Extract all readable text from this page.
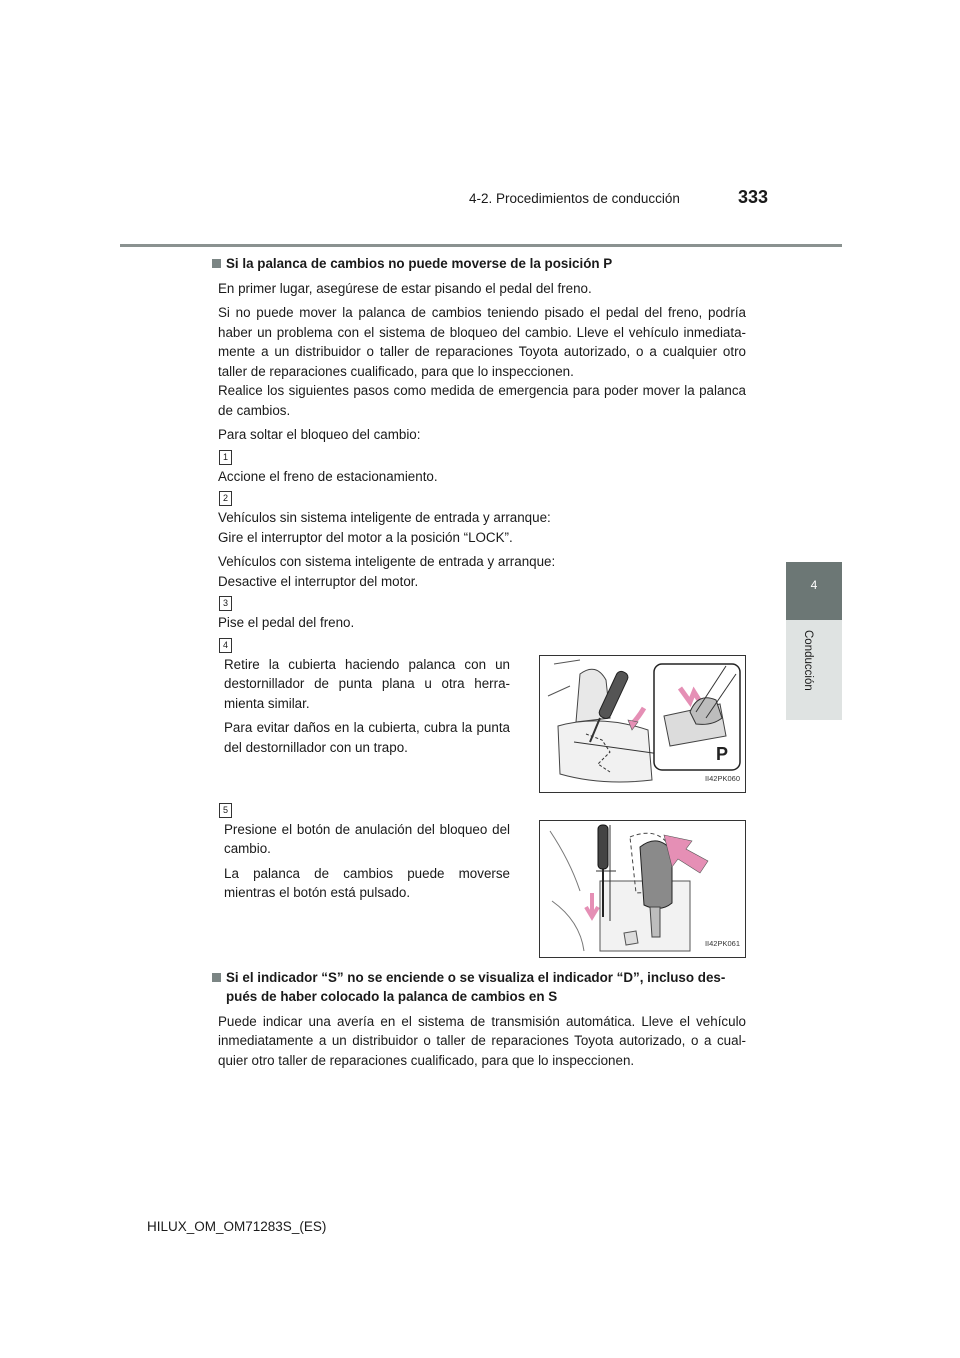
4-2. Procedimientos de conducción	333
4
Conducción
Si la palanca de cambios no puede moverse de la posición P
En primer lugar, asegúrese de estar pisando el pedal del freno.
Si no puede mover la palanca de cambios teniendo pisado el pedal del freno, podría haber un problema con el sistema de bloqueo del cambio. Lleve el vehículo inmediata-mente a un distribuidor o taller de reparaciones Toyota autorizado, o a cualquier otro taller de reparaciones cualificado, para que lo inspeccionen.
Realice los siguientes pasos como medida de emergencia para poder mover la palanca de cambios.
Para soltar el bloqueo del cambio:
1
Accione el freno de estacionamiento.
2
Vehículos sin sistema inteligente de entrada y arranque:
Gire el interruptor del motor a la posición “LOCK”.
Vehículos con sistema inteligente de entrada y arranque:
Desactive el interruptor del motor.
3
Pise el pedal del freno.
4
Retire la cubierta haciendo palanca con un destornillador de punta plana u otra herra-mienta similar.
Para evitar daños en la cubierta, cubra la punta del destornillador con un trapo.	P
II42PK060
5
Presione el botón de anulación del bloqueo del cambio.
La palanca de cambios puede moverse mientras el botón está pulsado.
II42PK061
Si el indicador “S” no se enciende o se visualiza el indicador “D”, incluso des-pués de haber colocado la palanca de cambios en S
Puede indicar una avería en el sistema de transmisión automática. Lleve el vehículo inmediatamente a un distribuidor o taller de reparaciones Toyota autorizado, o a cual-quier otro taller de reparaciones cualificado, para que lo inspeccionen.
HILUX_OM_OM71283S_(ES)
